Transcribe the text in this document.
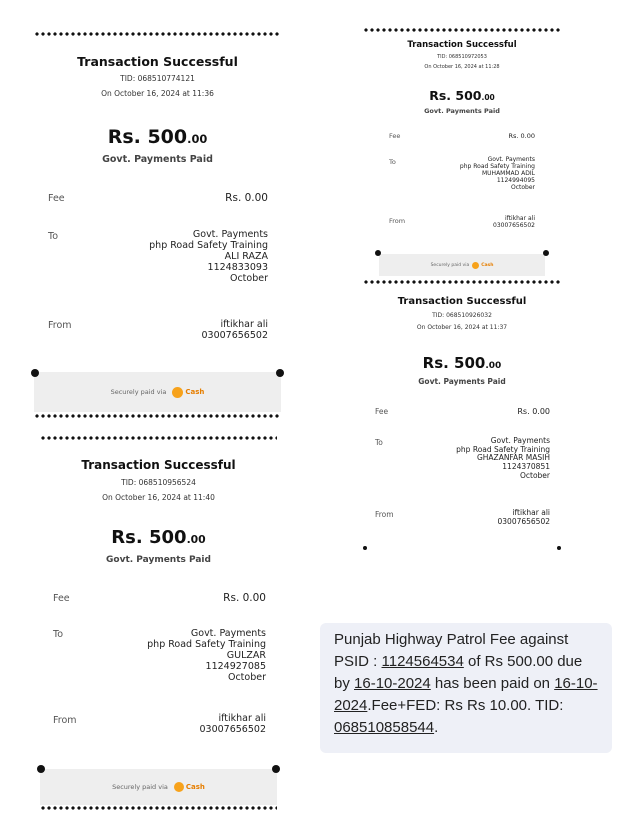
Transaction Successful
TID: 068510774121
On October 16, 2024 at 11:36
Rs. 500.00
Govt. Payments Paid
Fee	Rs. 0.00
To	Govt. Payments
php Road Safety Training
ALI RAZA
1124833093
October
From	iftikhar ali
03007656502
Securely paid via	Cash
Transaction Successful
TID: 068510972053
On October 16, 2024 at 11:28
Rs. 500.00
Govt. Payments Paid
Fee	Rs. 0.00
To	Govt. Payments
php Road Safety Training
MUHAMMAD ADIL
1124994095
October
From	iftikhar ali
03007656502
Securely paid via	Cash
Transaction Successful
TID: 068510926032
On October 16, 2024 at 11:37
Rs. 500.00
Govt. Payments Paid
Fee	Rs. 0.00
To	Govt. Payments
php Road Safety Training
GHAZANFAR MASIH
1124370851
October
From	iftikhar ali
03007656502
Transaction Successful
TID: 068510956524
On October 16, 2024 at 11:40
Rs. 500.00
Govt. Payments Paid
Fee	Rs. 0.00
To	Govt. Payments
php Road Safety Training
GULZAR
1124927085
October
From	iftikhar ali
03007656502
Securely paid via	Cash
Punjab Highway Patrol Fee against PSID : 1124564534 of Rs 500.00 due by 16-10-2024 has been paid on 16-10-2024.Fee+FED: Rs Rs 10.00. TID: 068510858544.
